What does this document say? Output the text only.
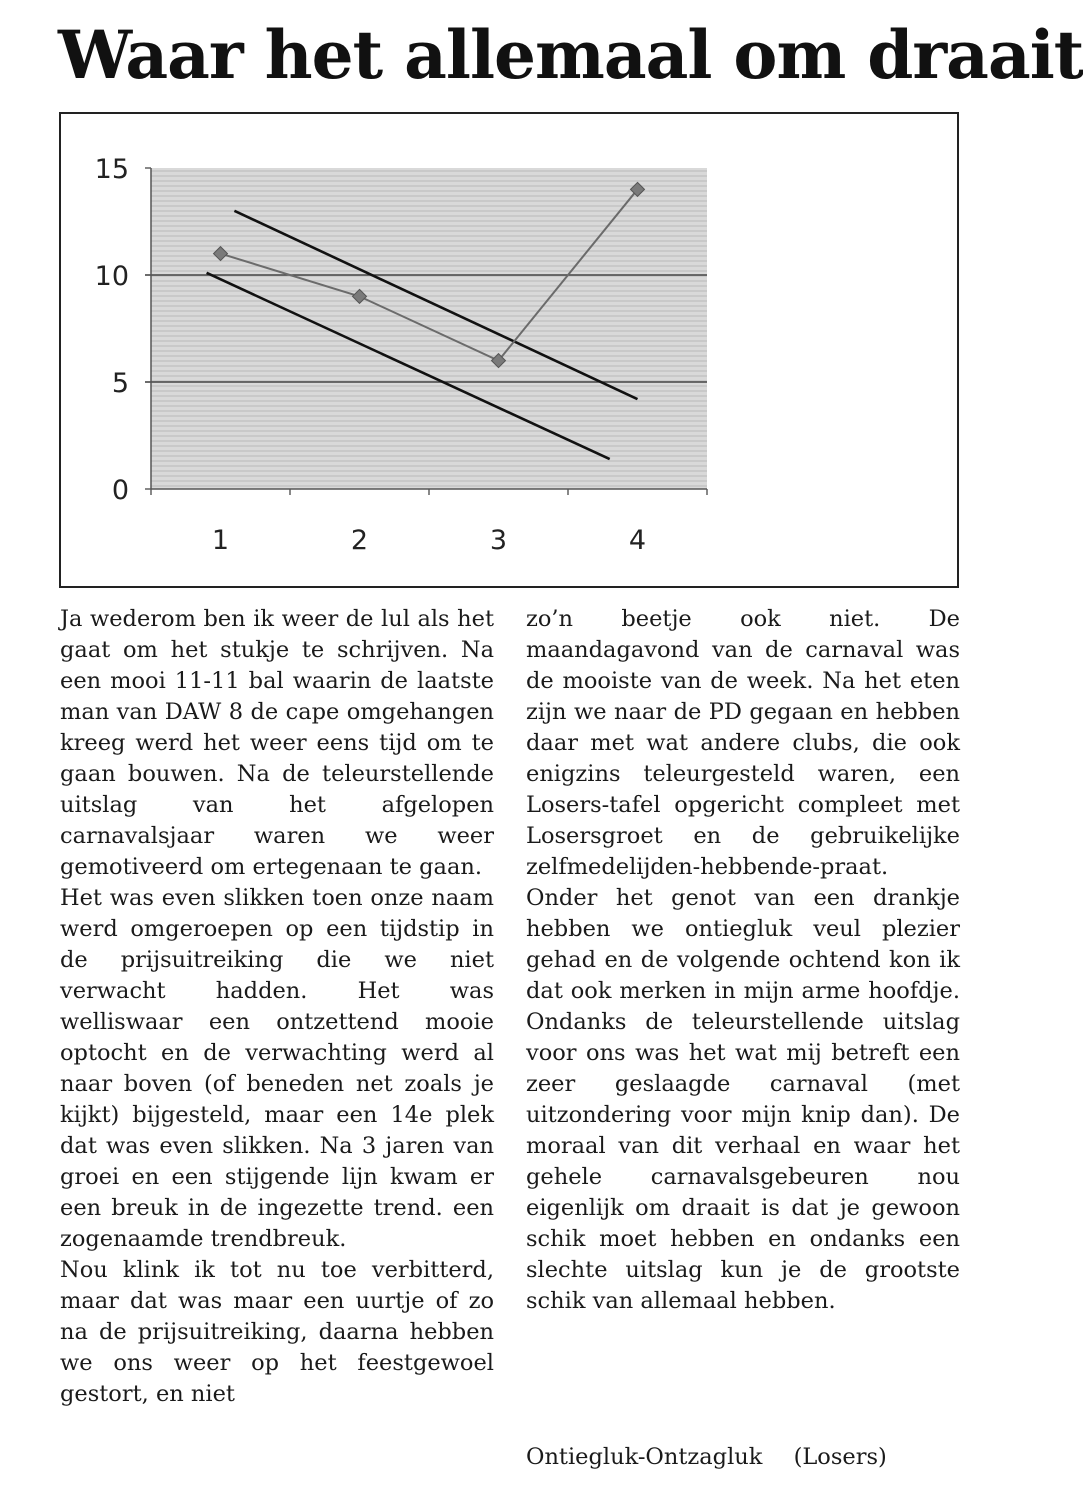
Waar het allemaal om draait
0
5
10
15
1	2	3	4

Ja wederom ben ik weer de lul als het gaat om het stukje te schrijven. Na een mooi 11-11 bal waarin de laatste man van DAW 8 de cape omgehangen kreeg werd het weer eens tijd om te gaan bouwen. Na de teleurstellende uitslag van het afgelopen carnavalsjaar waren we weer gemotiveerd om ertegenaan te gaan.

Het was even slikken toen onze naam werd omgeroepen op een tijdstip in de prijsuitreiking die we niet verwacht hadden. Het was welliswaar een ontzettend mooie optocht en de verwachting werd al naar boven (of beneden net zoals je kijkt) bijgesteld, maar een 14e plek dat was even slikken. Na 3 jaren van groei en een stijgende lijn kwam er een breuk in de ingezette trend. een zogenaamde trendbreuk.

Nou klink ik tot nu toe verbitterd, maar dat was maar een uurtje of zo na de prijsuitreiking, daarna hebben we ons weer op het feestgewoel gestort, en niet

zo’n beetje ook niet. De maandagavond van de carnaval was de mooiste van de week. Na het eten zijn we naar de PD gegaan en hebben daar met wat andere clubs, die ook enigzins teleurgesteld waren, een Losers-tafel opgericht compleet met Losersgroet en de gebruikelijke zelfmedelijden-hebbende-praat.

Onder het genot van een drankje hebben we ontiegluk veul plezier gehad en de volgende ochtend kon ik dat ook merken in mijn arme hoofdje. Ondanks de teleurstellende uitslag voor ons was het wat mij betreft een zeer geslaagde carnaval (met uitzondering voor mijn knip dan). De moraal van dit verhaal en waar het gehele carnavalsgebeuren nou eigenlijk om draait is dat je gewoon schik moet hebben en ondanks een slechte uitslag kun je de grootste schik van allemaal hebben.

Ontiegluk-Ontzagluk (Losers)
